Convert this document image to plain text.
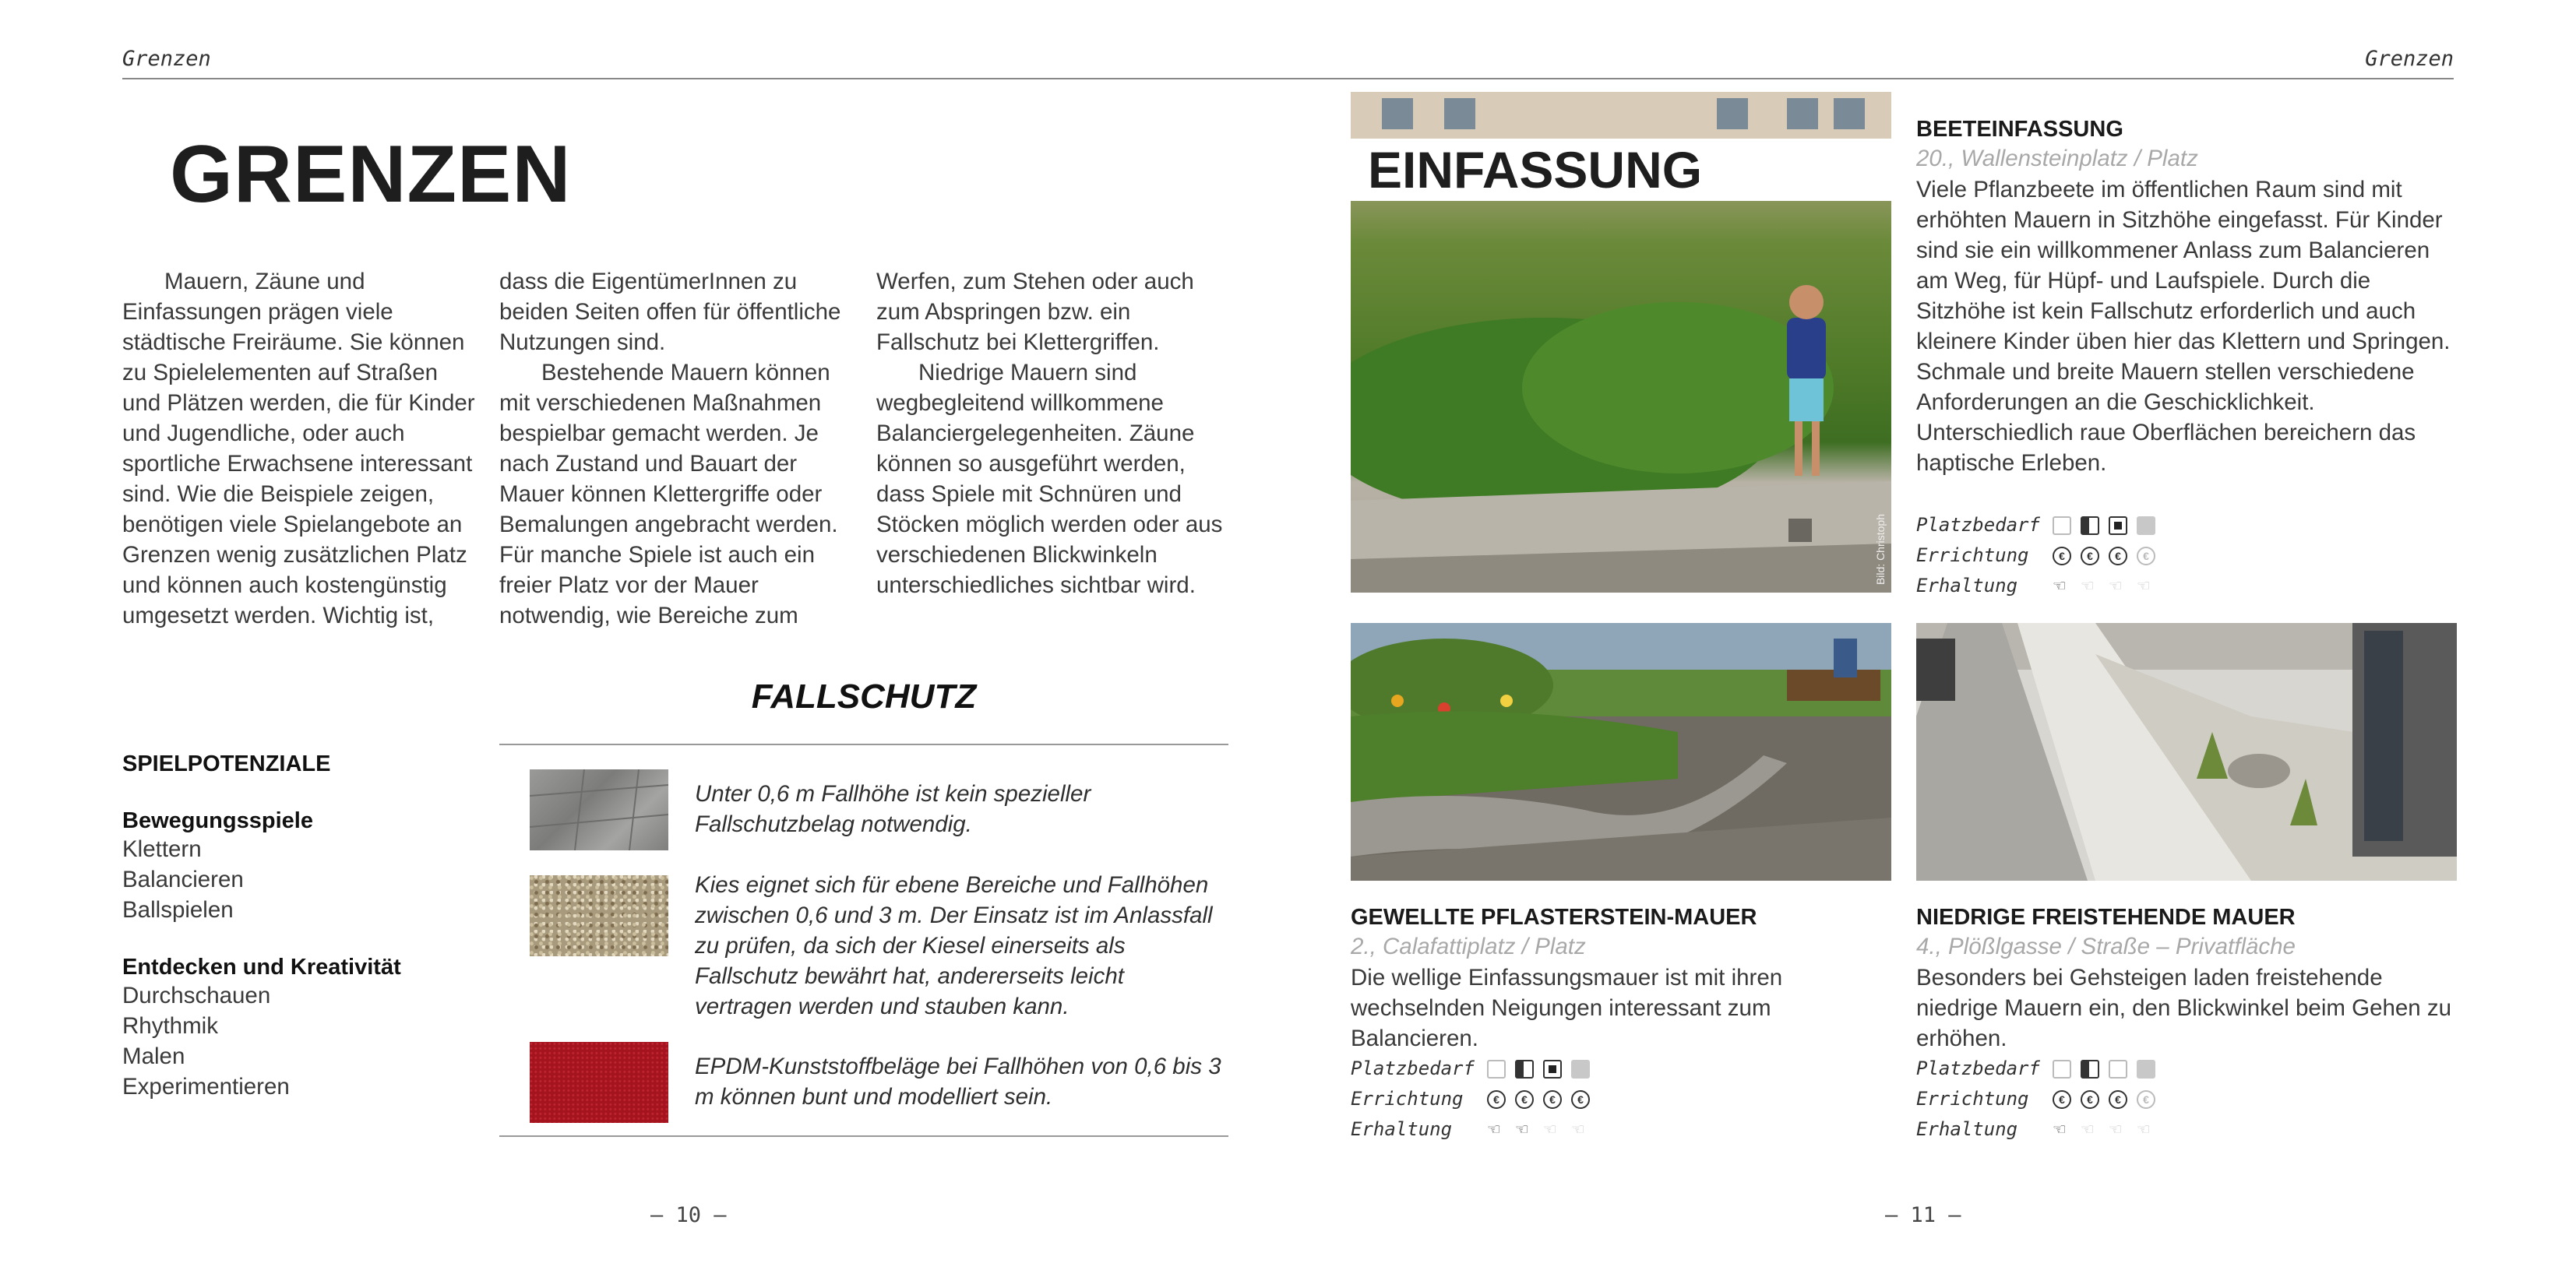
Grenzen	Grenzen
GRENZEN

Mauern, Zäune und Einfassungen prägen viele städtische Freiräume. Sie können zu Spielelementen auf Straßen und Plätzen werden, die für Kinder und Jugendliche, oder auch sportliche Erwachsene interessant sind. Wie die Beispiele zeigen, benötigen viele Spielangebote an Grenzen wenig zusätzlichen Platz und können auch kostengünstig umgesetzt werden. Wichtig ist,

dass die EigentümerInnen zu beiden Seiten offen für öffentliche Nutzungen sind.

Bestehende Mauern können mit verschiedenen Maßnahmen bespielbar gemacht werden. Je nach Zustand und Bauart der Mauer können Klettergriffe oder Bemalungen angebracht werden. Für manche Spiele ist auch ein freier Platz vor der Mauer notwendig, wie Bereiche zum

Werfen, zum Stehen oder auch zum Abspringen bzw. ein Fallschutz bei Klettergriffen.

Niedrige Mauern sind wegbegleitend willkommene Balanciergelegenheiten. Zäune können so ausgeführt werden, dass Spiele mit Schnüren und Stöcken möglich werden oder aus verschiedenen Blickwinkeln unterschiedliches sichtbar wird.

SPIELPOTENZIALE
Bewegungsspiele
Klettern
Balancieren
Ballspielen
Entdecken und Kreativität
Durchschauen
Rhythmik
Malen
Experimentieren
FALLSCHUTZ
Unter 0,6 m Fallhöhe ist kein spezieller Fallschutzbelag notwendig.
Kies eignet sich für ebene Bereiche und Fallhöhen zwischen 0,6 und 3 m. Der Einsatz ist im Anlassfall zu prüfen, da sich der Kiesel einerseits als Fallschutz bewährt hat, andererseits leicht vertragen werden und stauben kann.
EPDM-Kunststoffbeläge bei Fallhöhen von 0,6 bis 3 m können bunt und modelliert sein.
– 10 –
EINFASSUNG
Bild: Christoph
BEETEINFASSUNG
20., Wallensteinplatz / Platz
Viele Pflanzbeete im öffentlichen Raum sind mit erhöhten Mauern in Sitzhöhe eingefasst. Für Kinder sind sie ein willkommener Anlass zum Balancieren am Weg, für Hüpf- und Laufspiele. Durch die Sitzhöhe ist kein Fallschutz erforderlich und auch kleinere Kinder üben hier das Klettern und Springen. Schmale und breite Mauern stellen verschiedene Anforderungen an die Geschicklichkeit. Unterschiedlich raue Oberflächen bereichern das haptische Erleben.
Platzbedarf
Errichtung	€	€	€	€
Erhaltung	☜ ☜ ☜ ☜
GEWELLTE PFLASTERSTEIN-MAUER
2., Calafattiplatz / Platz
Die wellige Einfassungsmauer ist mit ihren wechselnden Neigungen interessant zum Balancieren.
Platzbedarf
Errichtung	€	€	€	€
Erhaltung	☜ ☜ ☜ ☜
NIEDRIGE FREISTEHENDE MAUER
4., Plößlgasse / Straße – Privatfläche
Besonders bei Gehsteigen laden freistehende niedrige Mauern ein, den Blickwinkel beim Gehen zu erhöhen.
Platzbedarf
Errichtung	€	€	€	€
Erhaltung	☜ ☜ ☜ ☜
– 11 –
